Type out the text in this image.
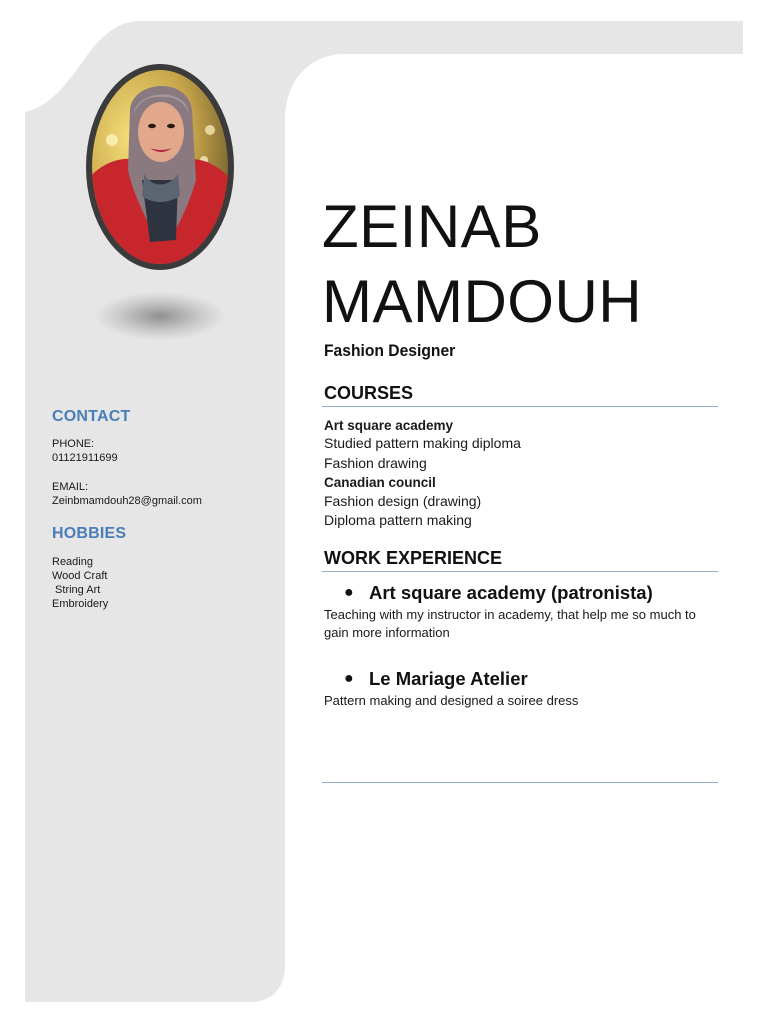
CONTACT
PHONE:
01121911699
EMAIL:
Zeinbmamdouh28@gmail.com
HOBBIES
Reading
Wood Craft
String Art
Embroidery
ZEINAB
MAMDOUH
Fashion Designer
COURSES
Art square academy
Studied pattern making diploma
Fashion drawing
Canadian council
Fashion design (drawing)
Diploma pattern making
WORK EXPERIENCE
● Art square academy (patronista)
Teaching with my instructor in academy, that help me so much to gain more information
● Le Mariage Atelier
Pattern making and designed a soiree dress
